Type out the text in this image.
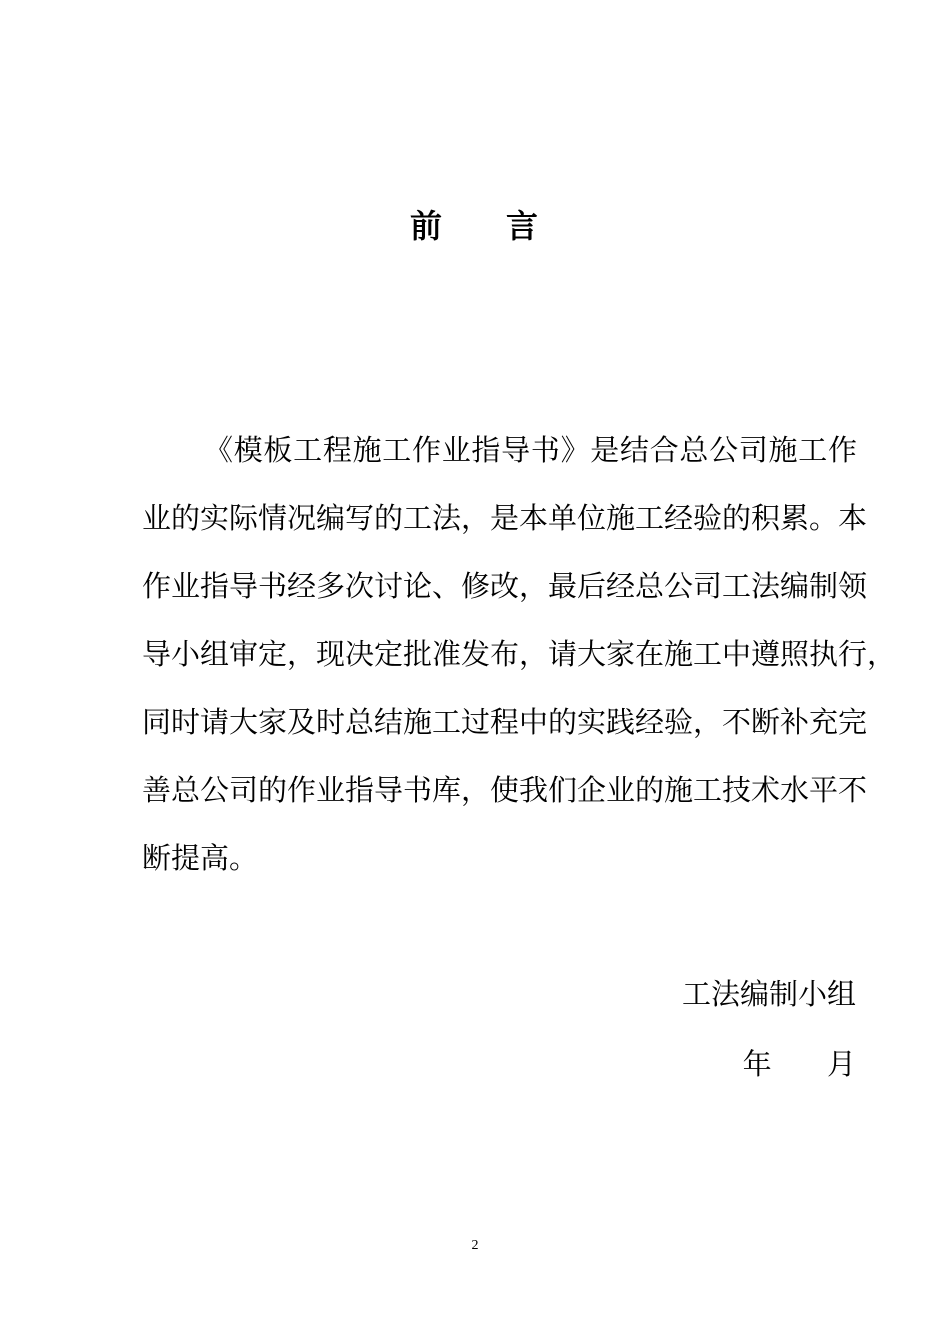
前 言
《模板工程施工作业指导书》是结合总公司施工作
业的实际情况编写的工法，是本单位施工经验的积累。本
作业指导书经多次讨论、修改，最后经总公司工法编制领
导小组审定，现决定批准发布，请大家在施工中遵照执行，
同时请大家及时总结施工过程中的实践经验，不断补充完
善总公司的作业指导书库，使我们企业的施工技术水平不
断提高。
工法编制小组
年 月
2
